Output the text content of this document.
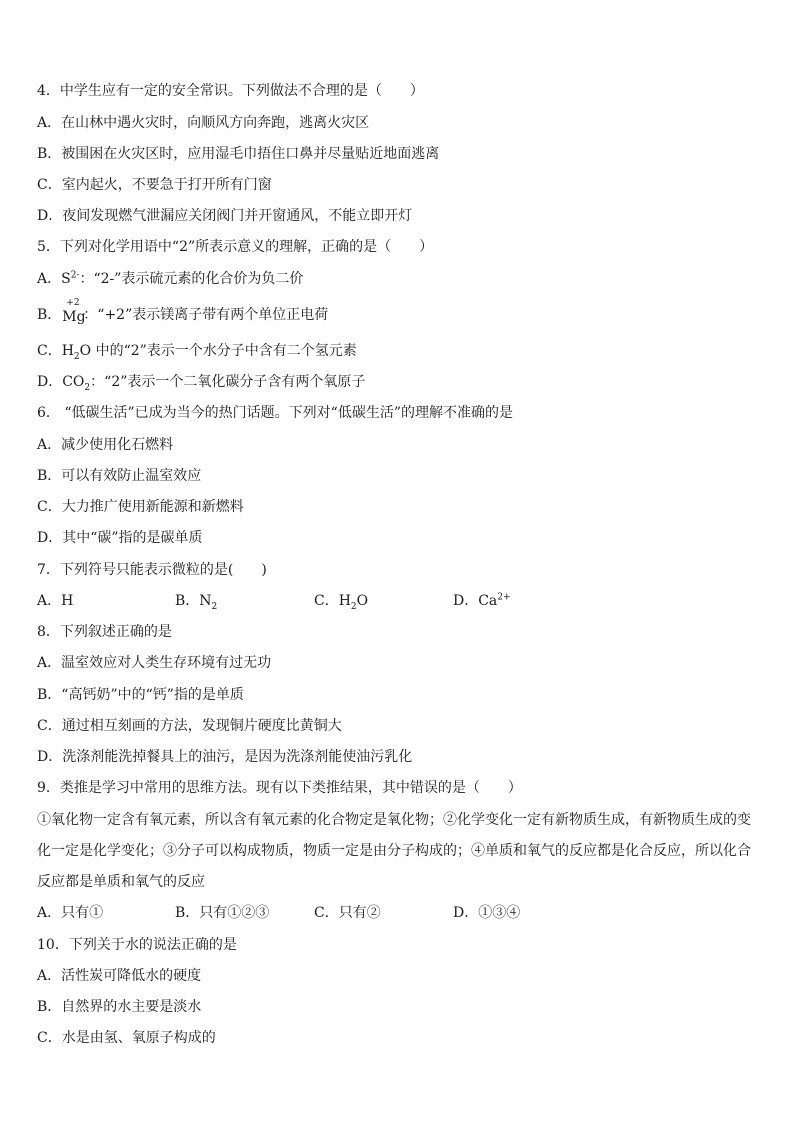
4．中学生应有一定的安全常识。下列做法不合理的是（　　）
A．在山林中遇火灾时，向顺风方向奔跑，逃离火灾区
B．被围困在火灾区时，应用湿毛巾捂住口鼻并尽量贴近地面逃离
C．室内起火，不要急于打开所有门窗
D．夜间发现燃气泄漏应关闭阀门并开窗通风，不能立即开灯
5．下列对化学用语中“2”所表示意义的理解，正确的是（　　）
A．$S^{2-}$：“2-”表示硫元素的化合价为负二价
B．
+2
Mg
：“+2”表示镁离子带有两个单位正电荷
C．$H_2O$ 中的“2”表示一个水分子中含有二个氢元素
D．$CO_2$：“2”表示一个二氧化碳分子含有两个氧原子
6． “低碳生活”已成为当今的热门话题。下列对“低碳生活”的理解不准确的是
A．减少使用化石燃料
B．可以有效防止温室效应
C．大力推广使用新能源和新燃料
D．其中“碳”指的是碳单质
7．下列符号只能表示微粒的是(　　)
A．H	B．$N_2$	C．$H_2O$	D．$Ca^{2+}$
8．下列叙述正确的是
A．温室效应对人类生存环境有过无功
B．“高钙奶”中的“钙”指的是单质
C．通过相互刻画的方法，发现铜片硬度比黄铜大
D．洗涤剂能洗掉餐具上的油污，是因为洗涤剂能使油污乳化
9．类推是学习中常用的思维方法。现有以下类推结果，其中错误的是（　　）
①氧化物一定含有氧元素，所以含有氧元素的化合物定是氧化物；②化学变化一定有新物质生成，有新物质生成的变
化一定是化学变化；③分子可以构成物质，物质一定是由分子构成的；④单质和氧气的反应都是化合反应，所以化合
反应都是单质和氧气的反应
A．只有①	B．只有①②③	C．只有②	D．①③④
10．下列关于水的说法正确的是
A．活性炭可降低水的硬度
B．自然界的水主要是淡水
C．水是由氢、氧原子构成的
